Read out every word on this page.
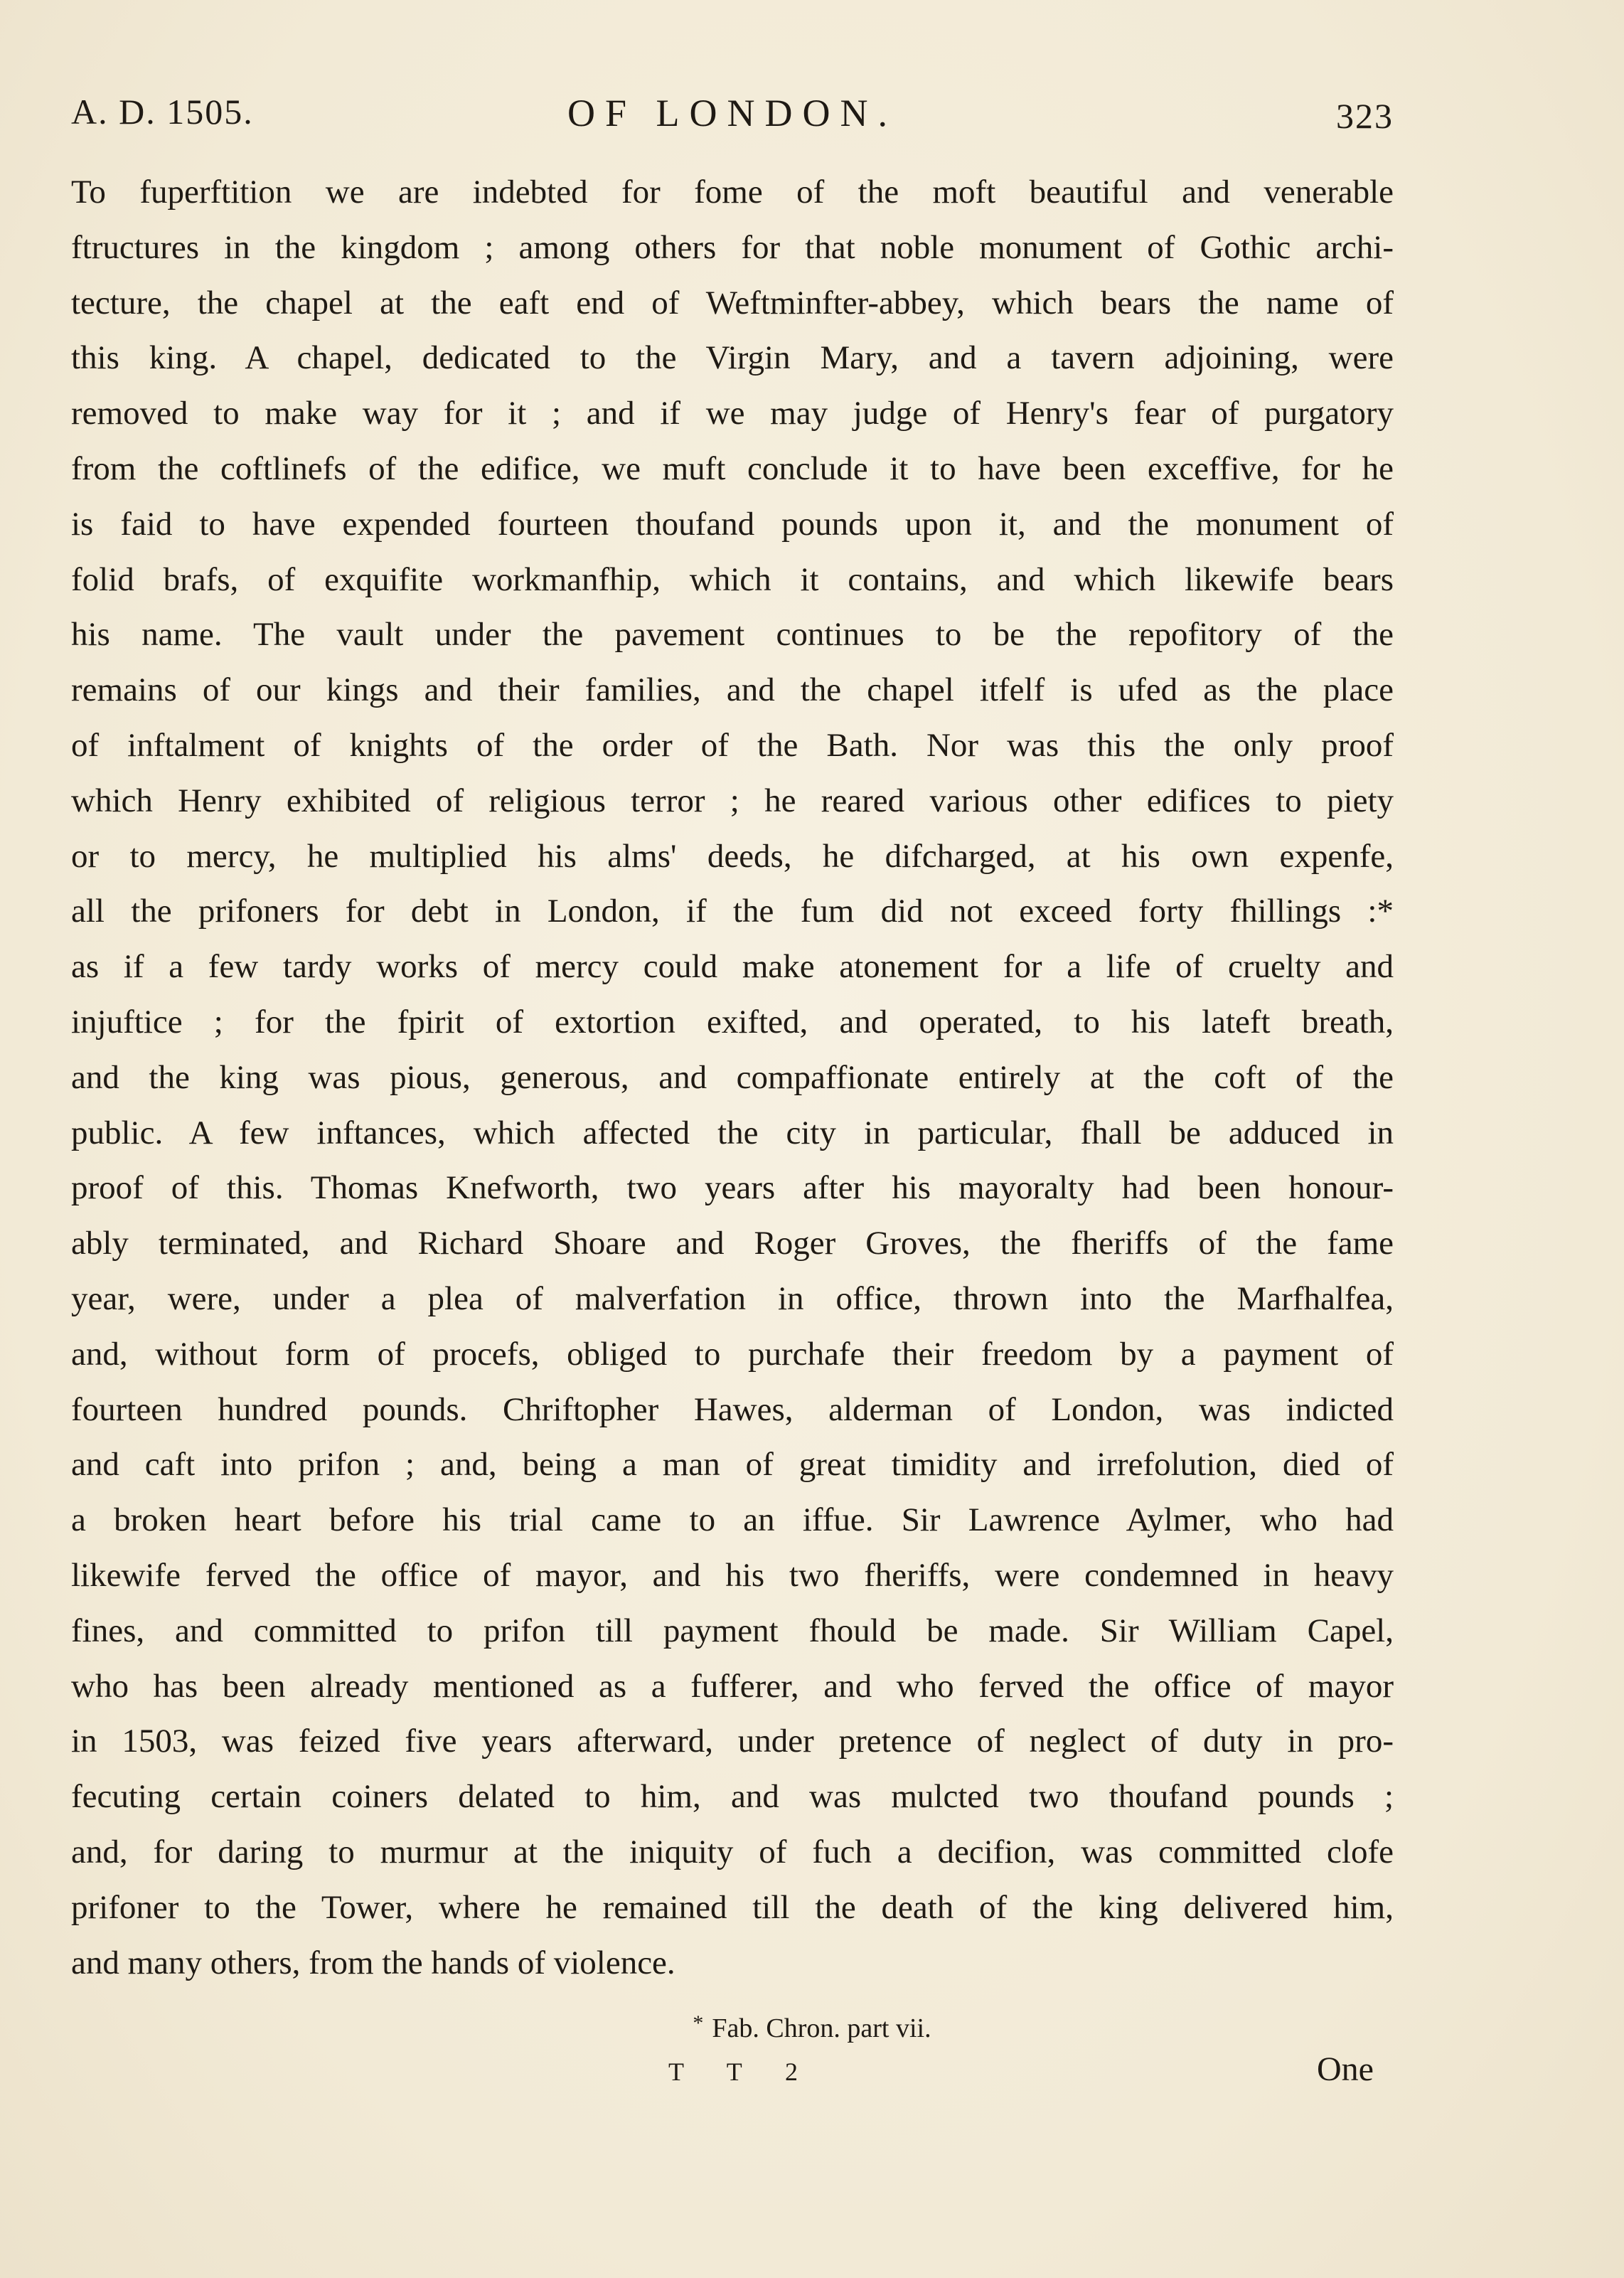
A. D. 1505.	OF LONDON.	323
To fuperftition we are indebted for fome of the moft beautiful and venerable
ftructures in the kingdom ; among others for that noble monument of Gothic archi-
tecture, the chapel at the eaft end of Weftminfter-abbey, which bears the name of
this king. A chapel, dedicated to the Virgin Mary, and a tavern adjoining, were
removed to make way for it ; and if we may judge of Henry's fear of purgatory
from the coftlinefs of the edifice, we muft conclude it to have been exceffive, for he
is faid to have expended fourteen thoufand pounds upon it, and the monument of
folid brafs, of exquifite workmanfhip, which it contains, and which likewife bears
his name. The vault under the pavement continues to be the repofitory of the
remains of our kings and their families, and the chapel itfelf is ufed as the place
of inftalment of knights of the order of the Bath. Nor was this the only proof
which Henry exhibited of religious terror ; he reared various other edifices to piety
or to mercy, he multiplied his alms' deeds, he difcharged, at his own expenfe,
all the prifoners for debt in London, if the fum did not exceed forty fhillings :*
as if a few tardy works of mercy could make atonement for a life of cruelty and
injuftice ; for the fpirit of extortion exifted, and operated, to his lateft breath,
and the king was pious, generous, and compaffionate entirely at the coft of the
public. A few inftances, which affected the city in particular, fhall be adduced in
proof of this. Thomas Knefworth, two years after his mayoralty had been honour-
ably terminated, and Richard Shoare and Roger Groves, the fheriffs of the fame
year, were, under a plea of malverfation in office, thrown into the Marfhalfea,
and, without form of procefs, obliged to purchafe their freedom by a payment of
fourteen hundred pounds. Chriftopher Hawes, alderman of London, was indicted
and caft into prifon ; and, being a man of great timidity and irrefolution, died of
a broken heart before his trial came to an iffue. Sir Lawrence Aylmer, who had
likewife ferved the office of mayor, and his two fheriffs, were condemned in heavy
fines, and committed to prifon till payment fhould be made. Sir William Capel,
who has been already mentioned as a fufferer, and who ferved the office of mayor
in 1503, was feized five years afterward, under pretence of neglect of duty in pro-
fecuting certain coiners delated to him, and was mulcted two thoufand pounds ;
and, for daring to murmur at the iniquity of fuch a decifion, was committed clofe
prifoner to the Tower, where he remained till the death of the king delivered him,
and many others, from the hands of violence.
* Fab. Chron. part vii.
T T 2	One
